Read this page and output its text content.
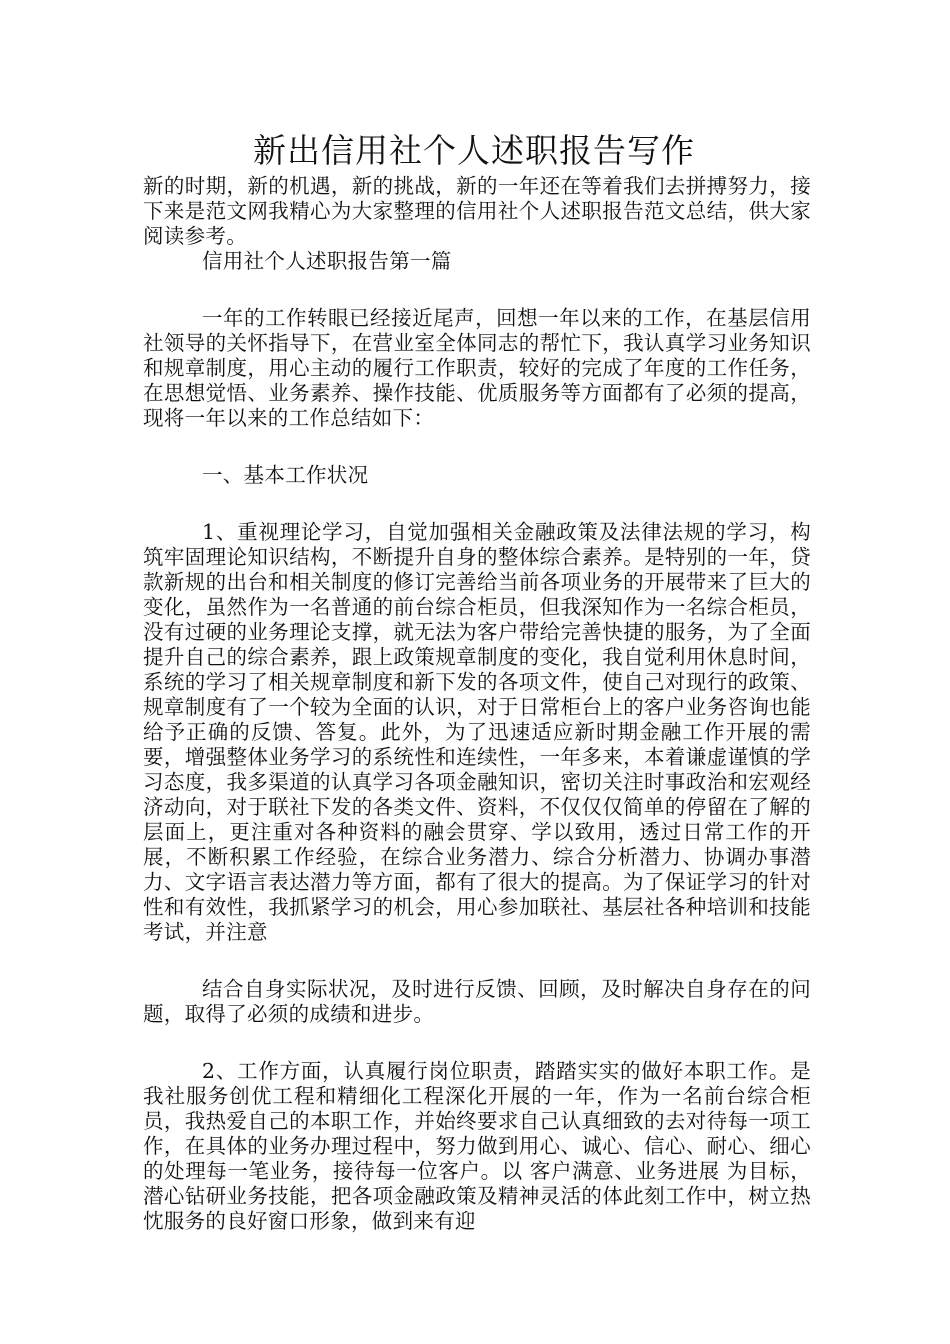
新出信用社个人述职报告写作

新的时期，新的机遇，新的挑战，新的一年还在等着我们去拼搏努力，接下来是范文网我精心为大家整理的信用社个人述职报告范文总结，供大家阅读参考。

信用社个人述职报告第一篇

一年的工作转眼已经接近尾声，回想一年以来的工作，在基层信用社领导的关怀指导下，在营业室全体同志的帮忙下，我认真学习业务知识和规章制度，用心主动的履行工作职责，较好的完成了年度的工作任务，在思想觉悟、业务素养、操作技能、优质服务等方面都有了必须的提高，现将一年以来的工作总结如下：

一、基本工作状况

1、重视理论学习，自觉加强相关金融政策及法律法规的学习，构筑牢固理论知识结构，不断提升自身的整体综合素养。是特别的一年，贷款新规的出台和相关制度的修订完善给当前各项业务的开展带来了巨大的变化，虽然作为一名普通的前台综合柜员，但我深知作为一名综合柜员，没有过硬的业务理论支撑，就无法为客户带给完善快捷的服务，为了全面提升自己的综合素养，跟上政策规章制度的变化，我自觉利用休息时间，系统的学习了相关规章制度和新下发的各项文件，使自己对现行的政策、规章制度有了一个较为全面的认识，对于日常柜台上的客户业务咨询也能给予正确的反馈、答复。此外，为了迅速适应新时期金融工作开展的需要，增强整体业务学习的系统性和连续性，一年多来，本着谦虚谨慎的学习态度，我多渠道的认真学习各项金融知识，密切关注时事政治和宏观经济动向，对于联社下发的各类文件、资料，不仅仅仅简单的停留在了解的层面上，更注重对各种资料的融会贯穿、学以致用，透过日常工作的开展，不断积累工作经验，在综合业务潜力、综合分析潜力、协调办事潜力、文字语言表达潜力等方面，都有了很大的提高。为了保证学习的针对性和有效性，我抓紧学习的机会，用心参加联社、基层社各种培训和技能考试，并注意

结合自身实际状况，及时进行反馈、回顾，及时解决自身存在的问题，取得了必须的成绩和进步。

2、工作方面，认真履行岗位职责，踏踏实实的做好本职工作。是我社服务创优工程和精细化工程深化开展的一年，作为一名前台综合柜员，我热爱自己的本职工作，并始终要求自己认真细致的去对待每一项工作，在具体的业务办理过程中，努力做到用心、诚心、信心、耐心、细心的处理每一笔业务，接待每一位客户。以 客户满意、业务进展 为目标，潜心钻研业务技能，把各项金融政策及精神灵活的体此刻工作中，树立热忱服务的良好窗口形象，做到来有迎
